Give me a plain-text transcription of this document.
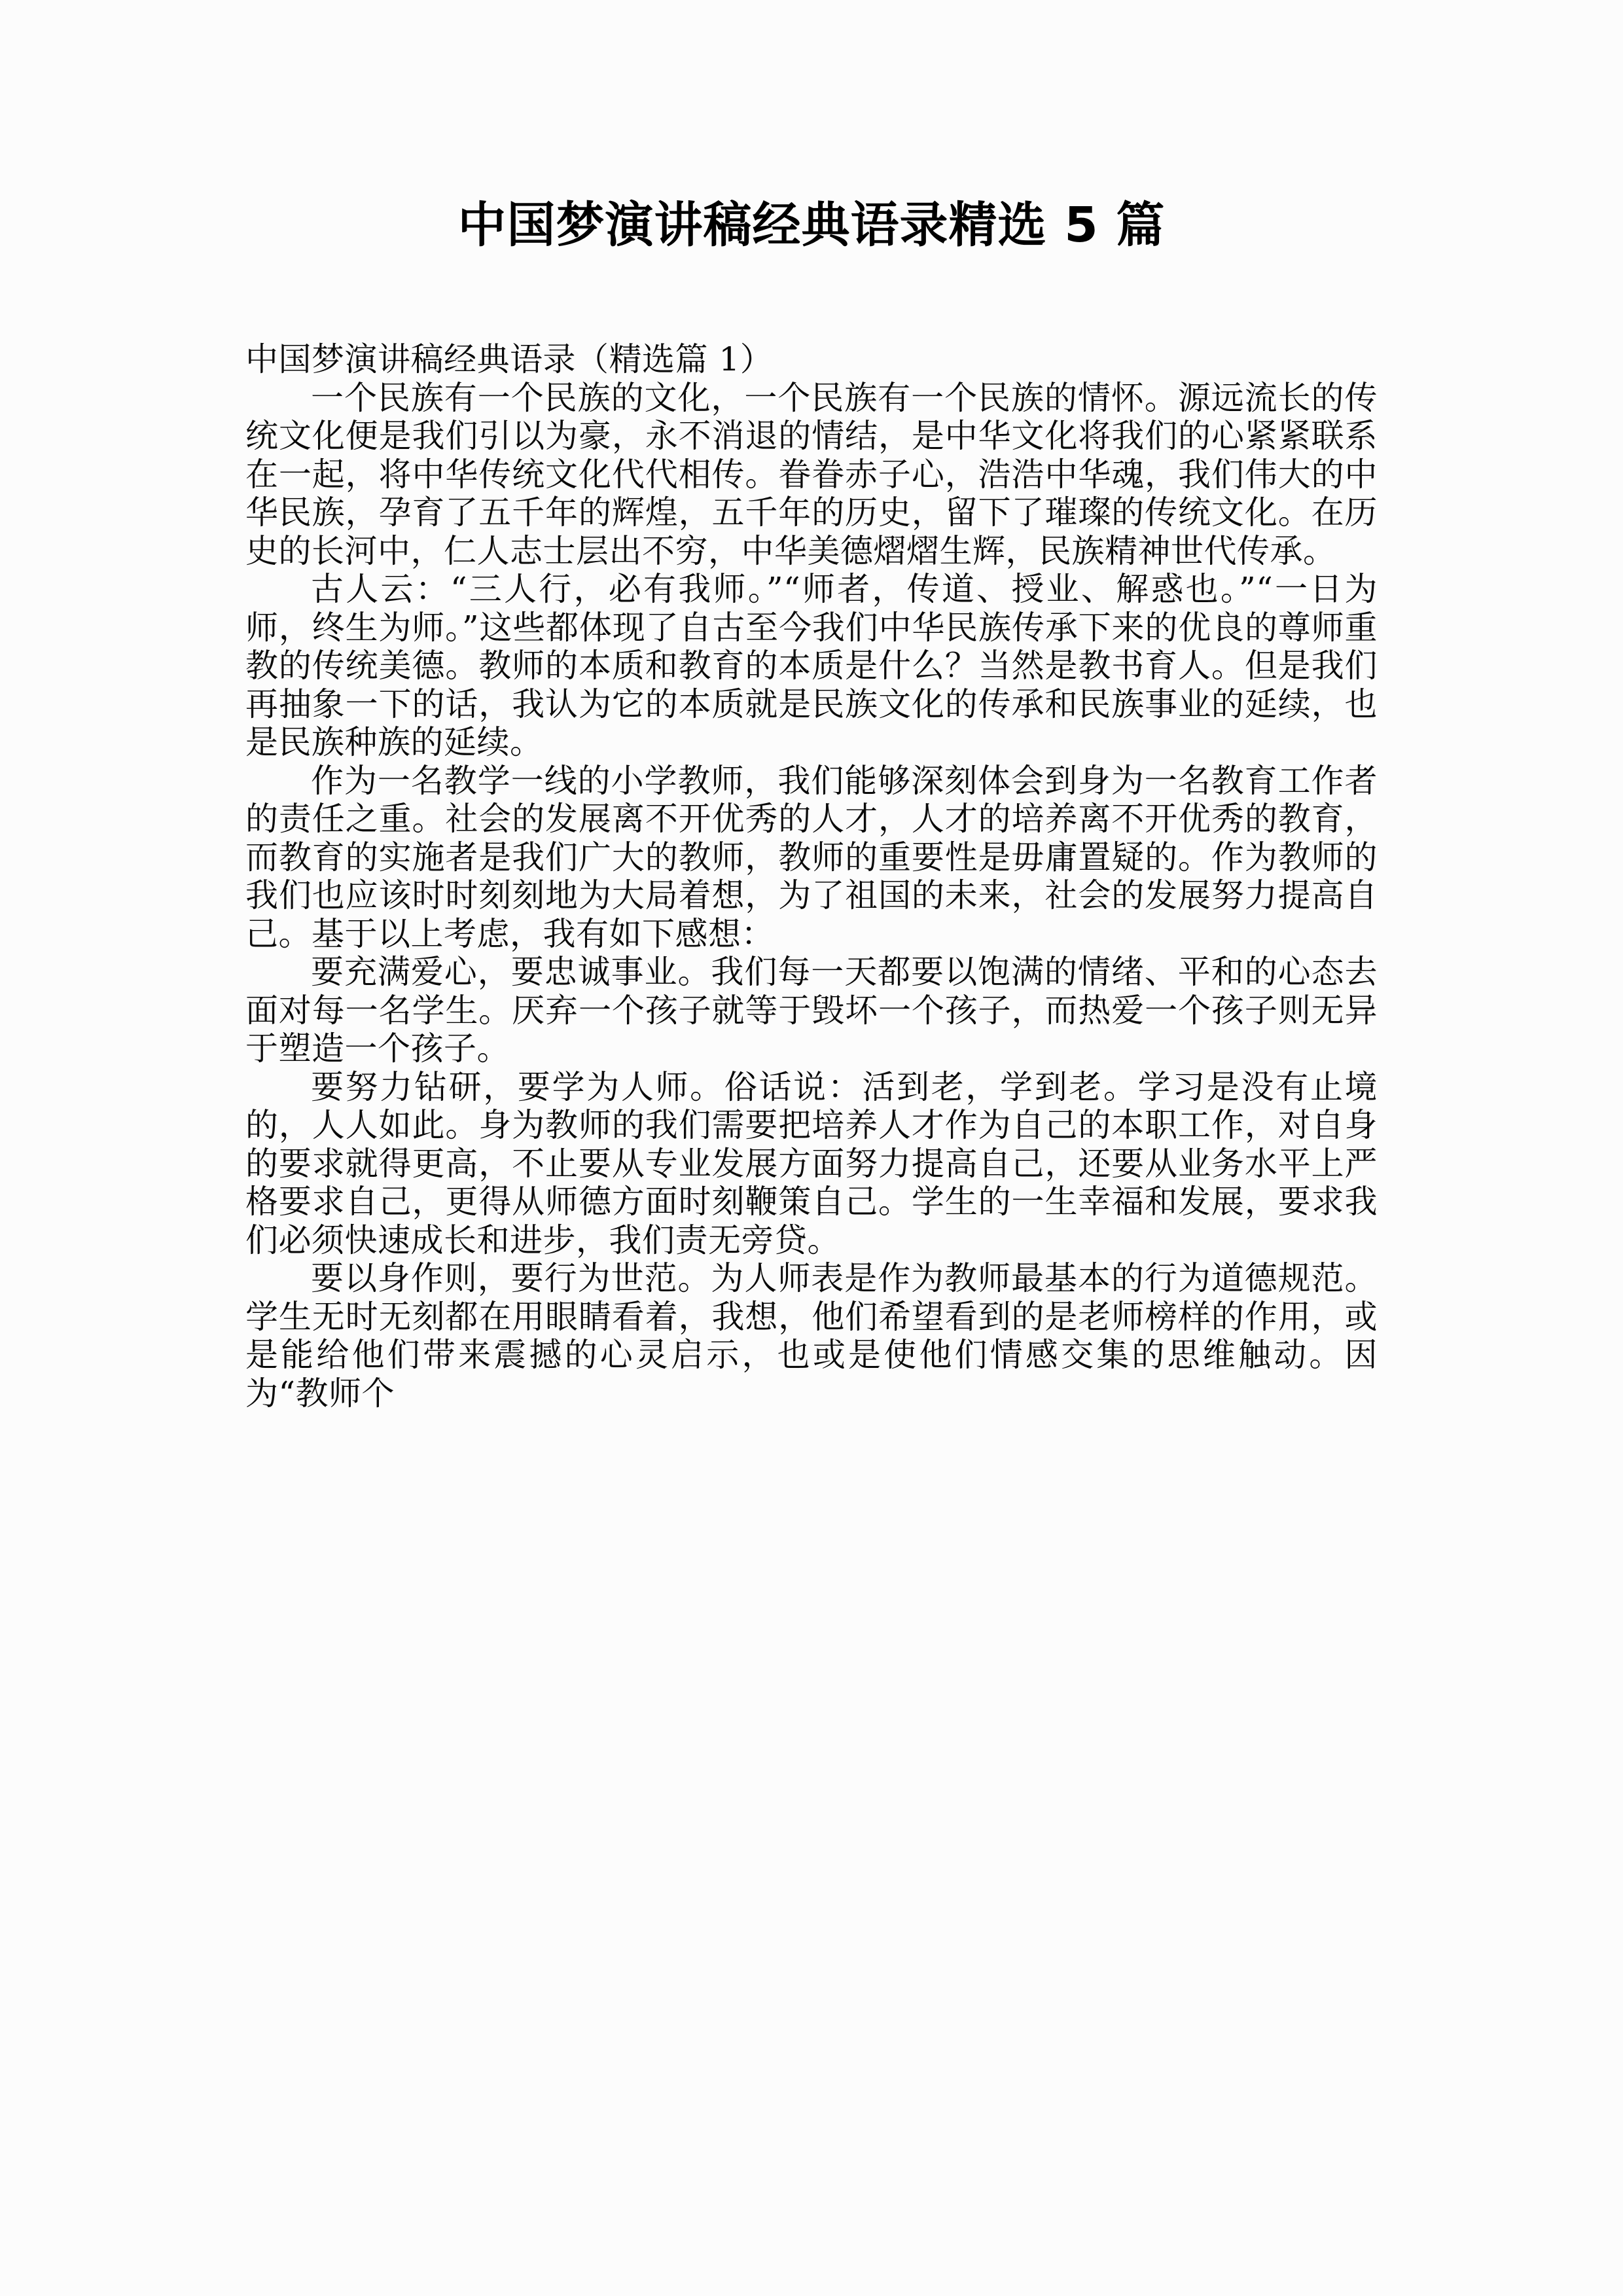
中国梦演讲稿经典语录精选 5 篇

中国梦演讲稿经典语录（精选篇 1）

一个民族有一个民族的文化，一个民族有一个民族的情怀。源远流长的传统文化便是我们引以为豪，永不消退的情结，是中华文化将我们的心紧紧联系在一起，将中华传统文化代代相传。眷眷赤子心，浩浩中华魂，我们伟大的中华民族，孕育了五千年的辉煌，五千年的历史，留下了璀璨的传统文化。在历史的长河中，仁人志士层出不穷，中华美德熠熠生辉，民族精神世代传承。

古人云：“三人行，必有我师。”“师者，传道、授业、解惑也。”“一日为师，终生为师。”这些都体现了自古至今我们中华民族传承下来的优良的尊师重教的传统美德。教师的本质和教育的本质是什么？当然是教书育人。但是我们再抽象一下的话，我认为它的本质就是民族文化的传承和民族事业的延续，也是民族种族的延续。

作为一名教学一线的小学教师，我们能够深刻体会到身为一名教育工作者的责任之重。社会的发展离不开优秀的人才，人才的培养离不开优秀的教育，而教育的实施者是我们广大的教师，教师的重要性是毋庸置疑的。作为教师的我们也应该时时刻刻地为大局着想，为了祖国的未来，社会的发展努力提高自己。基于以上考虑，我有如下感想：

要充满爱心，要忠诚事业。我们每一天都要以饱满的情绪、平和的心态去面对每一名学生。厌弃一个孩子就等于毁坏一个孩子，而热爱一个孩子则无异于塑造一个孩子。

要努力钻研，要学为人师。俗话说：活到老，学到老。学习是没有止境的，人人如此。身为教师的我们需要把培养人才作为自己的本职工作，对自身的要求就得更高，不止要从专业发展方面努力提高自己，还要从业务水平上严格要求自己，更得从师德方面时刻鞭策自己。学生的一生幸福和发展，要求我们必须快速成长和进步，我们责无旁贷。

要以身作则，要行为世范。为人师表是作为教师最基本的行为道德规范。学生无时无刻都在用眼睛看着，我想，他们希望看到的是老师榜样的作用，或是能给他们带来震撼的心灵启示，也或是使他们情感交集的思维触动。因为“教师个
